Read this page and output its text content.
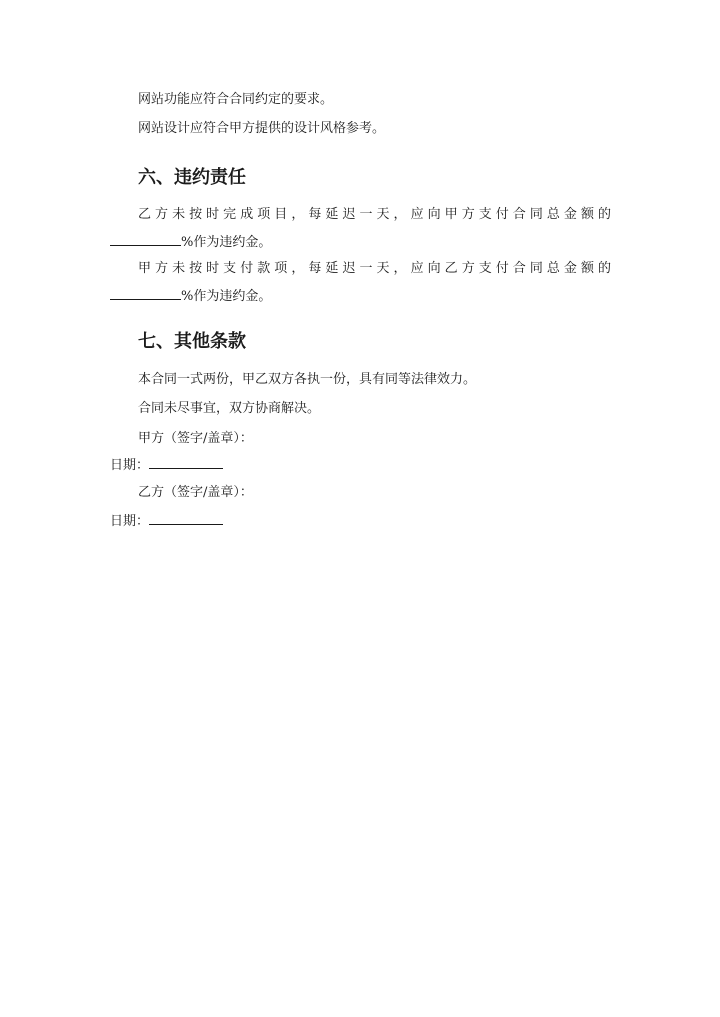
网站功能应符合合同约定的要求。
网站设计应符合甲方提供的设计风格参考。
六、违约责任
乙方未按时完成项目，每延迟一天，应向甲方支付合同总金额的
%作为违约金。
甲方未按时支付款项，每延迟一天，应向乙方支付合同总金额的
%作为违约金。
七、其他条款
本合同一式两份，甲乙双方各执一份，具有同等法律效力。
合同未尽事宜，双方协商解决。
甲方（签字/盖章）：
日期：
乙方（签字/盖章）：
日期：
